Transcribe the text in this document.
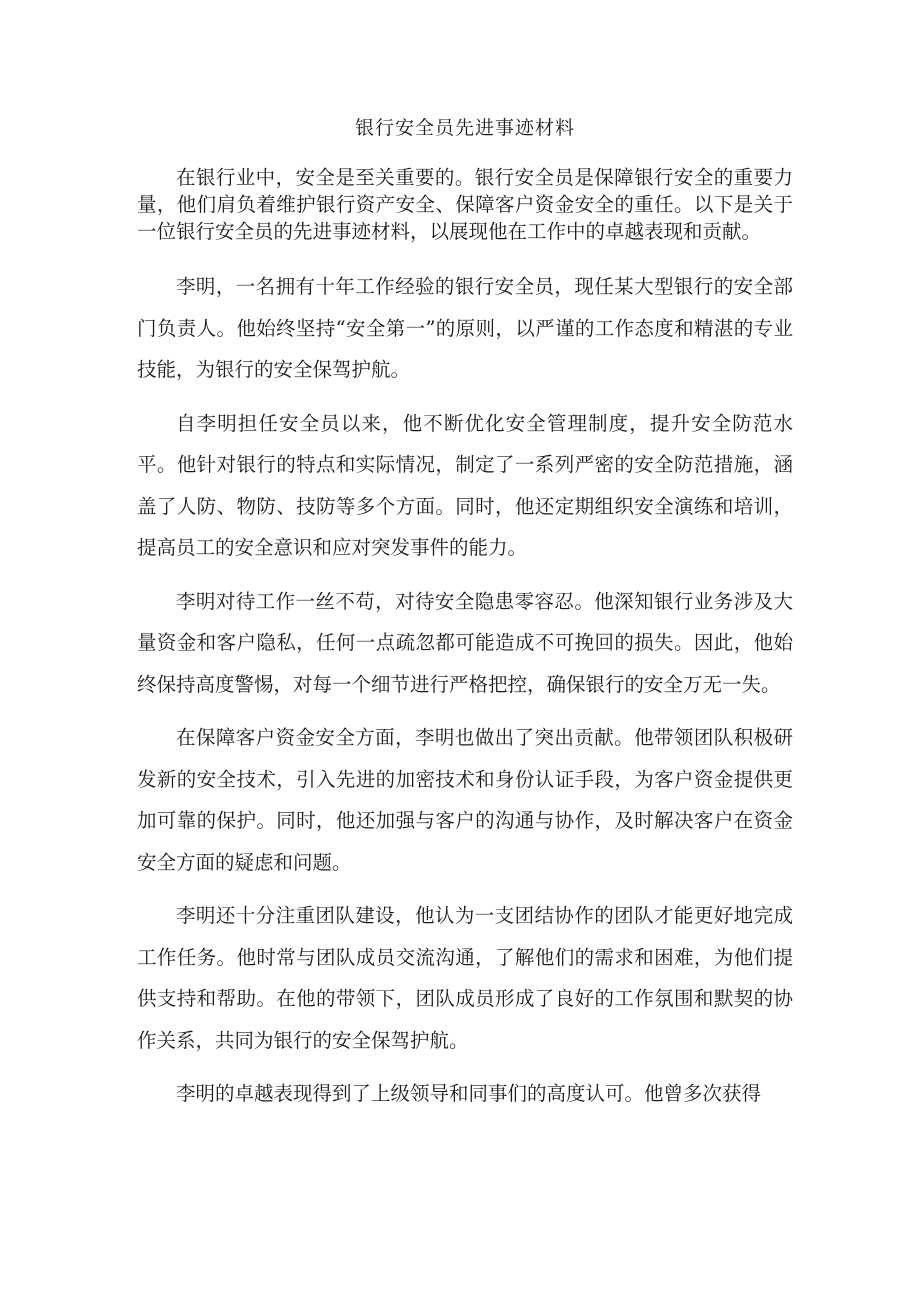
银行安全员先进事迹材料

在银行业中，安全是至关重要的。银行安全员是保障银行安全的重要力量，他们肩负着维护银行资产安全、保障客户资金安全的重任。以下是关于一位银行安全员的先进事迹材料，以展现他在工作中的卓越表现和贡献。

李明，一名拥有十年工作经验的银行安全员，现任某大型银行的安全部门负责人。他始终坚持“安全第一”的原则，以严谨的工作态度和精湛的专业技能，为银行的安全保驾护航。

自李明担任安全员以来，他不断优化安全管理制度，提升安全防范水平。他针对银行的特点和实际情况，制定了一系列严密的安全防范措施，涵盖了人防、物防、技防等多个方面。同时，他还定期组织安全演练和培训，提高员工的安全意识和应对突发事件的能力。

李明对待工作一丝不苟，对待安全隐患零容忍。他深知银行业务涉及大量资金和客户隐私，任何一点疏忽都可能造成不可挽回的损失。因此，他始终保持高度警惕，对每一个细节进行严格把控，确保银行的安全万无一失。

在保障客户资金安全方面，李明也做出了突出贡献。他带领团队积极研发新的安全技术，引入先进的加密技术和身份认证手段，为客户资金提供更加可靠的保护。同时，他还加强与客户的沟通与协作，及时解决客户在资金安全方面的疑虑和问题。

李明还十分注重团队建设，他认为一支团结协作的团队才能更好地完成工作任务。他时常与团队成员交流沟通，了解他们的需求和困难，为他们提供支持和帮助。在他的带领下，团队成员形成了良好的工作氛围和默契的协作关系，共同为银行的安全保驾护航。

李明的卓越表现得到了上级领导和同事们的高度认可。他曾多次获得
